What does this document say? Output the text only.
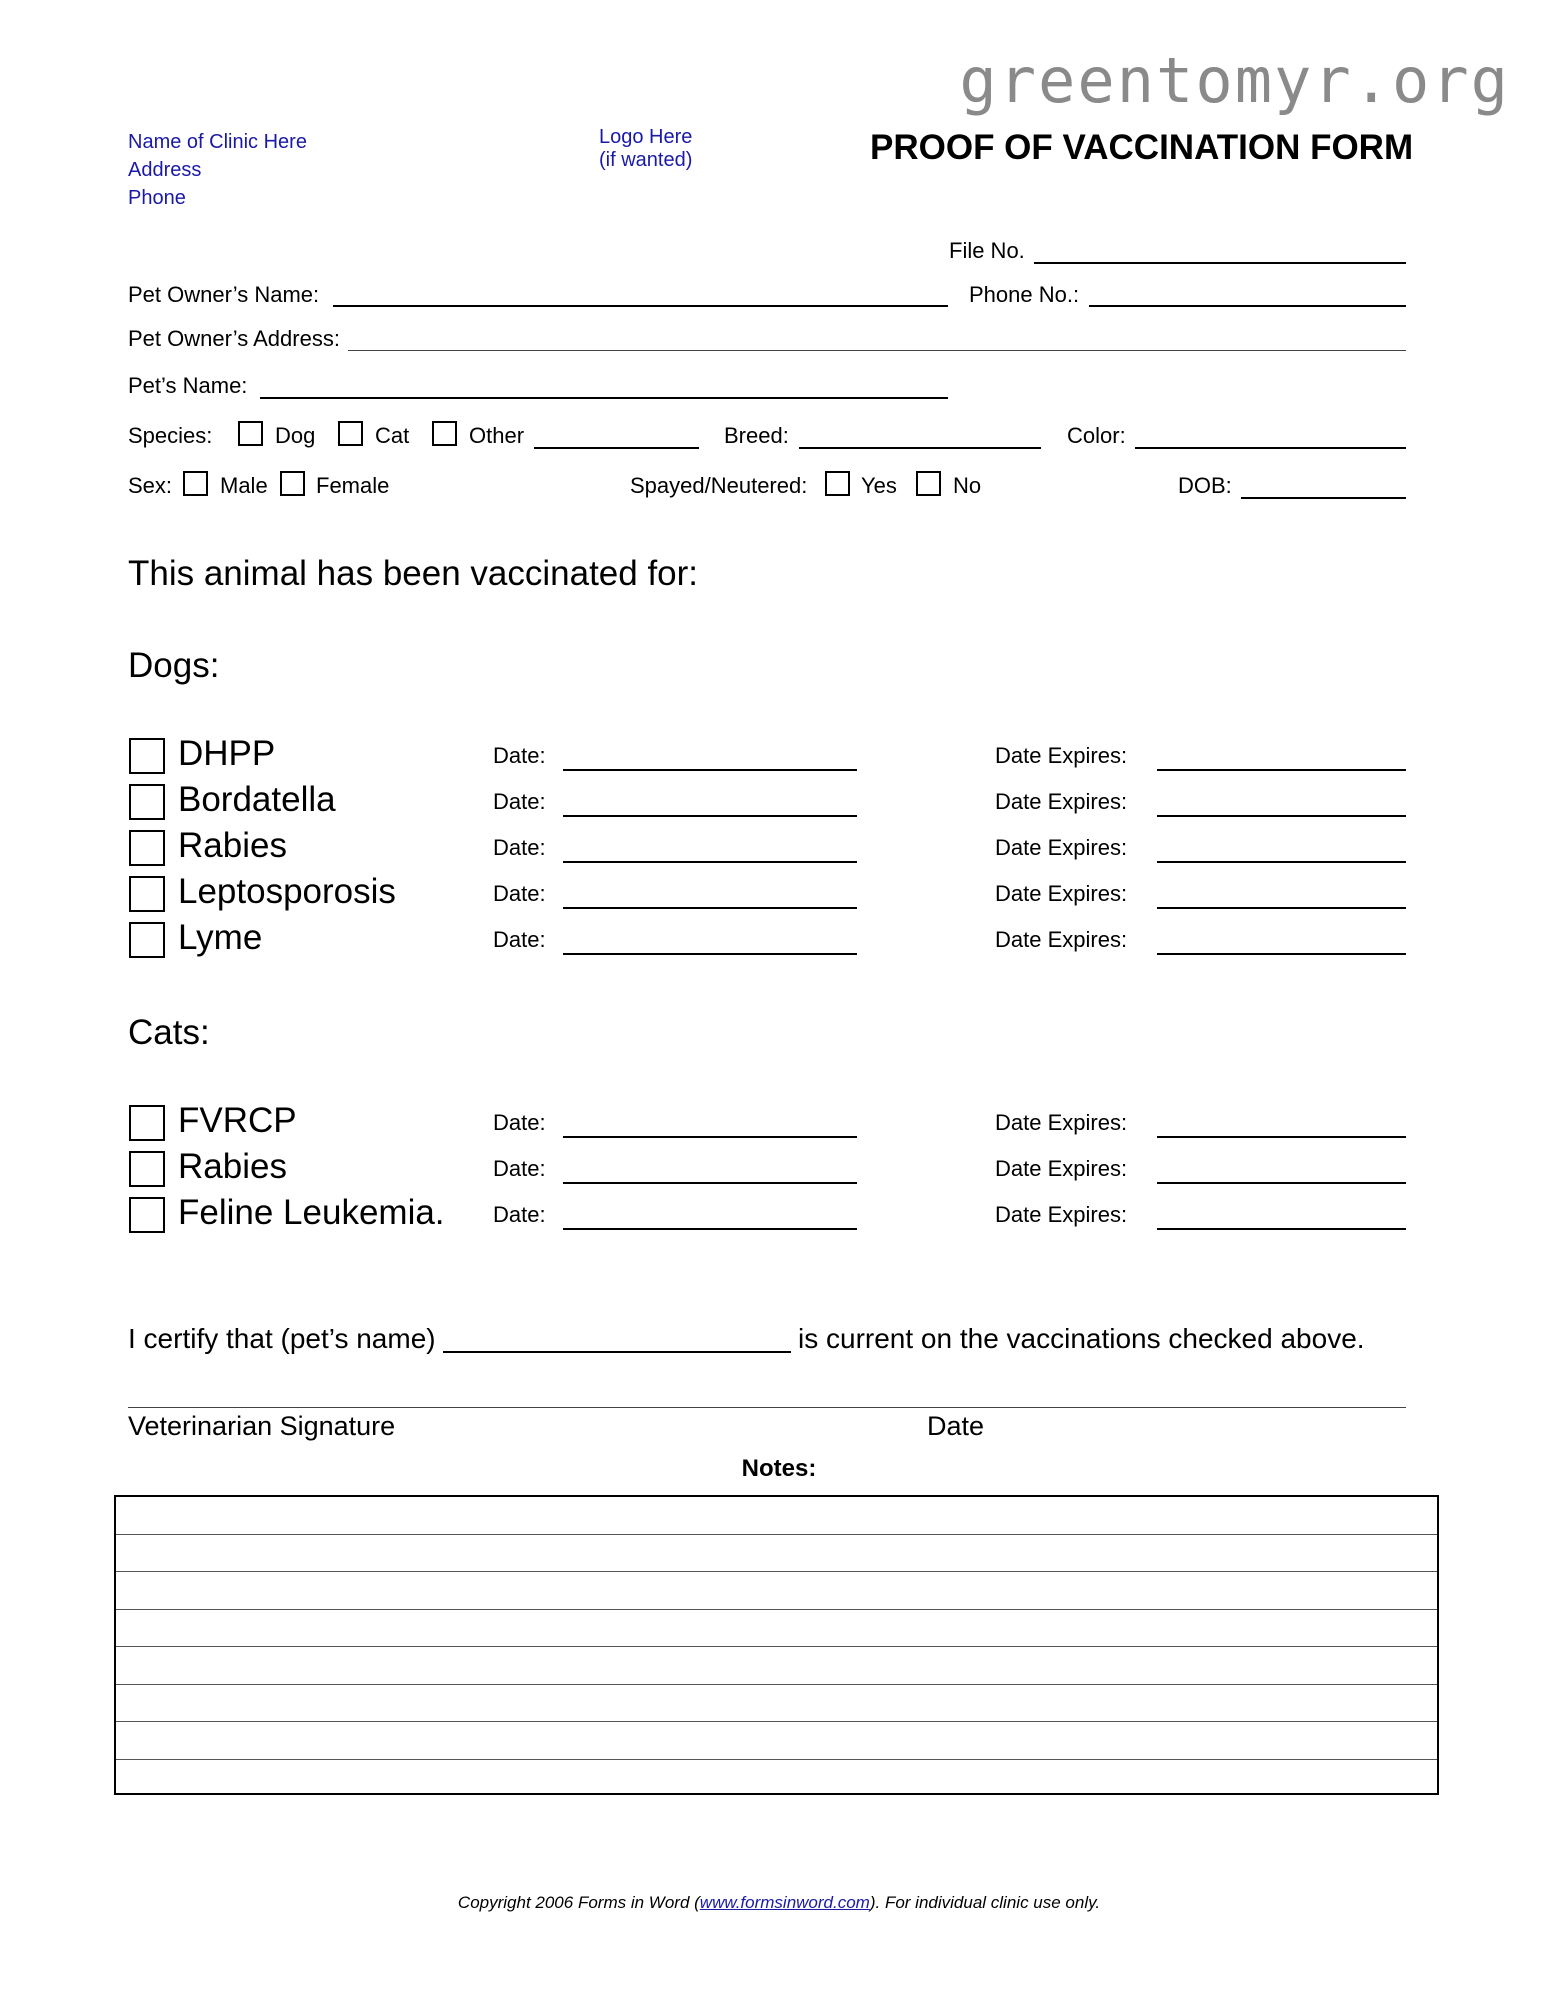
greentomyr.org
Name of Clinic Here
Address
Phone
Logo Here
(if wanted)	PROOF OF VACCINATION FORM
File No.
Pet Owner’s Name:	Phone No.:
Pet Owner’s Address:
Pet’s Name:
Species:	Dog	Cat	Other	Breed:	Color:
Sex: Male Female	Spayed/Neutered: Yes	No	DOB:
This animal has been vaccinated for:
Dogs:
DHPP	Date:	Date Expires:
Bordatella	Date:	Date Expires:
Rabies	Date:	Date Expires:
Leptosporosis	Date:	Date Expires:
Lyme	Date:	Date Expires:
Cats:
FVRCP	Date:	Date Expires:
Rabies	Date:	Date Expires:
Feline Leukemia. Date:	Date Expires:
I certify that (pet’s name)	is current on the vaccinations checked above.
Veterinarian Signature	Date
Notes:
Copyright 2006 Forms in Word (www.formsinword.com). For individual clinic use only.
